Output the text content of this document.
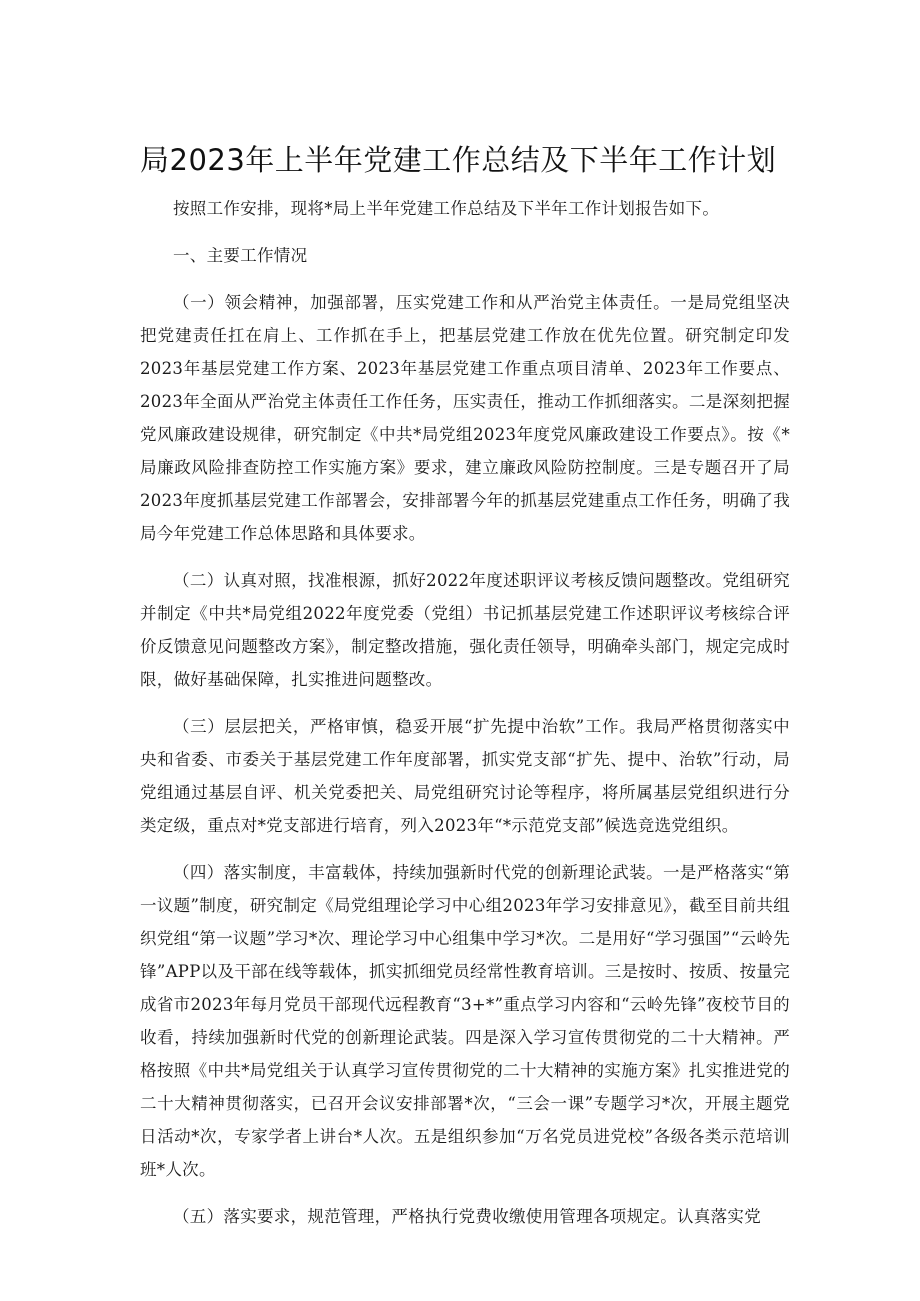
局2023年上半年党建工作总结及下半年工作计划

按照工作安排，现将*局上半年党建工作总结及下半年工作计划报告如下。

一、主要工作情况

（一）领会精神，加强部署，压实党建工作和从严治党主体责任。一是局党组坚决把党建责任扛在肩上、工作抓在手上，把基层党建工作放在优先位置。研究制定印发2023年基层党建工作方案、2023年基层党建工作重点项目清单、2023年工作要点、2023年全面从严治党主体责任工作任务，压实责任，推动工作抓细落实。二是深刻把握党风廉政建设规律，研究制定《中共*局党组2023年度党风廉政建设工作要点》。按《*局廉政风险排查防控工作实施方案》要求，建立廉政风险防控制度。三是专题召开了局2023年度抓基层党建工作部署会，安排部署今年的抓基层党建重点工作任务，明确了我局今年党建工作总体思路和具体要求。

（二）认真对照，找准根源，抓好2022年度述职评议考核反馈问题整改。党组研究并制定《中共*局党组2022年度党委（党组）书记抓基层党建工作述职评议考核综合评价反馈意见问题整改方案》，制定整改措施，强化责任领导，明确牵头部门，规定完成时限，做好基础保障，扎实推进问题整改。

（三）层层把关，严格审慎，稳妥开展“扩先提中治软”工作。我局严格贯彻落实中央和省委、市委关于基层党建工作年度部署，抓实党支部“扩先、提中、治软”行动，局党组通过基层自评、机关党委把关、局党组研究讨论等程序，将所属基层党组织进行分类定级，重点对*党支部进行培育，列入2023年“*示范党支部”候选竞选党组织。

（四）落实制度，丰富载体，持续加强新时代党的创新理论武装。一是严格落实“第一议题”制度，研究制定《局党组理论学习中心组2023年学习安排意见》，截至目前共组织党组“第一议题”学习*次、理论学习中心组集中学习*次。二是用好“学习强国”“云岭先锋”APP以及干部在线等载体，抓实抓细党员经常性教育培训。三是按时、按质、按量完成省市2023年每月党员干部现代远程教育“3+*”重点学习内容和“云岭先锋”夜校节目的收看，持续加强新时代党的创新理论武装。四是深入学习宣传贯彻党的二十大精神。严格按照《中共*局党组关于认真学习宣传贯彻党的二十大精神的实施方案》扎实推进党的二十大精神贯彻落实，已召开会议安排部署*次，“三会一课”专题学习*次，开展主题党日活动*次，专家学者上讲台*人次。五是组织参加“万名党员进党校”各级各类示范培训班*人次。

（五）落实要求，规范管理，严格执行党费收缴使用管理各项规定。认真落实党
